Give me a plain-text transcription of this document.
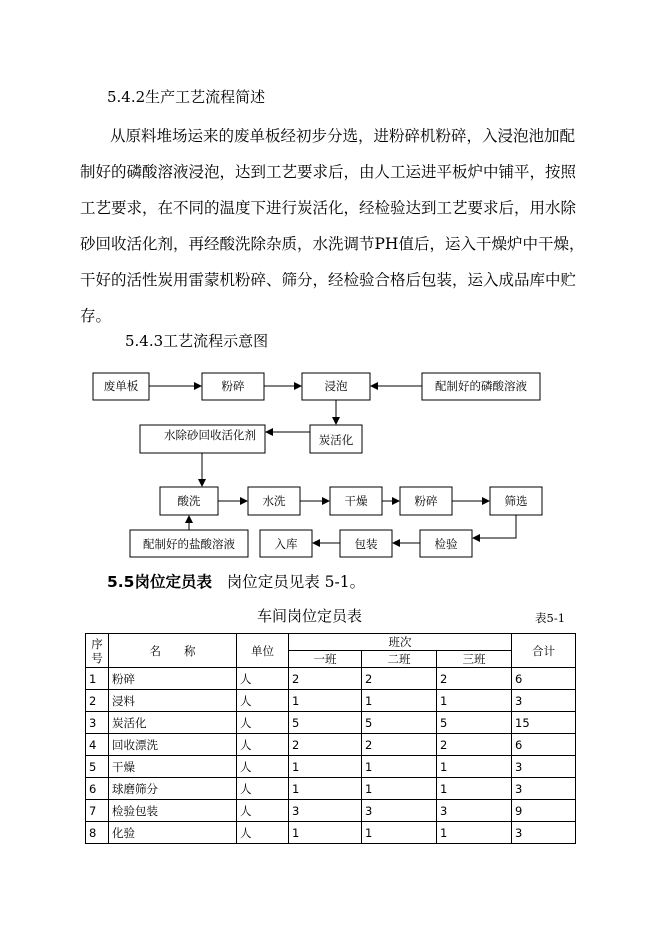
5.4.2生产工艺流程简述
从原料堆场运来的废单板经初步分选，进粉碎机粉碎，入浸泡池加配
制好的磷酸溶液浸泡，达到工艺要求后，由人工运进平板炉中铺平，按照
工艺要求，在不同的温度下进行炭活化，经检验达到工艺要求后，用水除
砂回收活化剂，再经酸洗除杂质，水洗调节PH值后，运入干燥炉中干燥，
干好的活性炭用雷蒙机粉碎、筛分，经检验合格后包装，运入成品库中贮
存。
5.4.3工艺流程示意图
废单板	粉碎	浸泡	配制好的磷酸溶液
水除砂回收活化剂	炭活化
酸洗	水洗	干燥	粉碎	筛选
配制好的盐酸溶液	入库	包装	检验
5.5岗位定员表 岗位定员见表 5-1。
车间岗位定员表	表5-1
序号	名　　称	单位	班次			合计
			一班	二班	三班	
1	粉碎	人	2	2	2	6
2	浸料	人	1	1	1	3
3	炭活化	人	5	5	5	15
4	回收漂洗	人	2	2	2	6
5	干燥	人	1	1	1	3
6	球磨筛分	人	1	1	1	3
7	检验包装	人	3	3	3	9
8	化验	人	1	1	1	3
